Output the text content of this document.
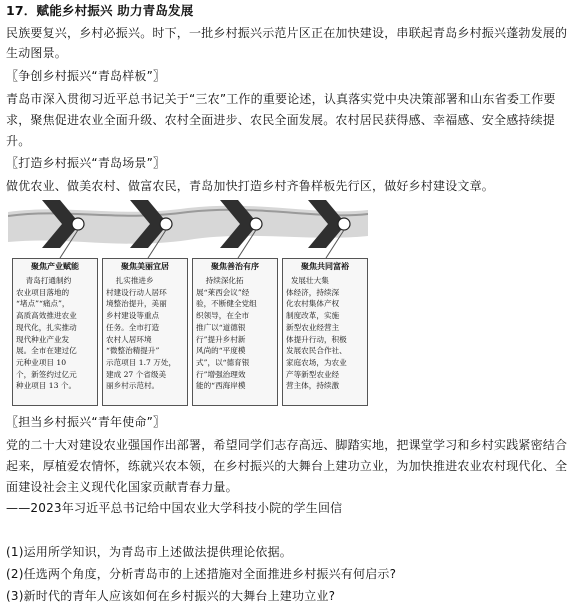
17．赋能乡村振兴 助力青岛发展
民族要复兴，乡村必振兴。时下，一批乡村振兴示范片区正在加快建设，串联起青岛乡村振兴蓬勃发展的
生动图景。
〖争创乡村振兴“青岛样板”〗
青岛市深入贯彻习近平总书记关于“三农”工作的重要论述，认真落实党中央决策部署和山东省委工作要
求，聚焦促进农业全面升级、农村全面进步、农民全面发展。农村居民获得感、幸福感、安全感持续提
升。
〖打造乡村振兴“青岛场景”〗
做优农业、做美农村、做富农民，青岛加快打造乡村齐鲁样板先行区，做好乡村建设文章。
聚焦产业赋能
青岛打通制约
农业项目落地的
“堵点”“痛点”，
高质高效推进农业
现代化，扎实推动
现代种业产业发
展。全市在建过亿
元种业项目 10
个，新签约过亿元
种业项目 13 个。
聚焦美丽宜居
扎实推进乡
村建设行动人居环
境整治提升，美丽
乡村建设等重点
任务。全市打造
农村人居环境
“微整治精提升”
示范项目 1.7 万处，
建成 27 个省级美
丽乡村示范村。
聚焦善治有序
持续深化拓
展“莱西会议”经
验，不断健全党组
织领导，在全市
推广以“道德银
行”提升乡村新
风尚的“平度模
式”，以“德育银
行”增强治理效
能的“西海岸模
聚焦共同富裕
发展壮大集
体经济，持续深
化农村集体产权
制度改革，实施
新型农业经营主
体提升行动，积极
发展农民合作社、
家庭农场，为农业
产等新型农业经
营主体，持续激
〖担当乡村振兴“青年使命”〗
党的二十大对建设农业强国作出部署，希望同学们志存高远、脚踏实地，把课堂学习和乡村实践紧密结合
起来，厚植爱农情怀，练就兴农本领，在乡村振兴的大舞台上建功立业，为加快推进农业农村现代化、全
面建设社会主义现代化国家贡献青春力量。
——2023年习近平总书记给中国农业大学科技小院的学生回信
(1)运用所学知识，为青岛市上述做法提供理论依据。
(2)任选两个角度，分析青岛市的上述措施对全面推进乡村振兴有何启示?
(3)新时代的青年人应该如何在乡村振兴的大舞台上建功立业?
